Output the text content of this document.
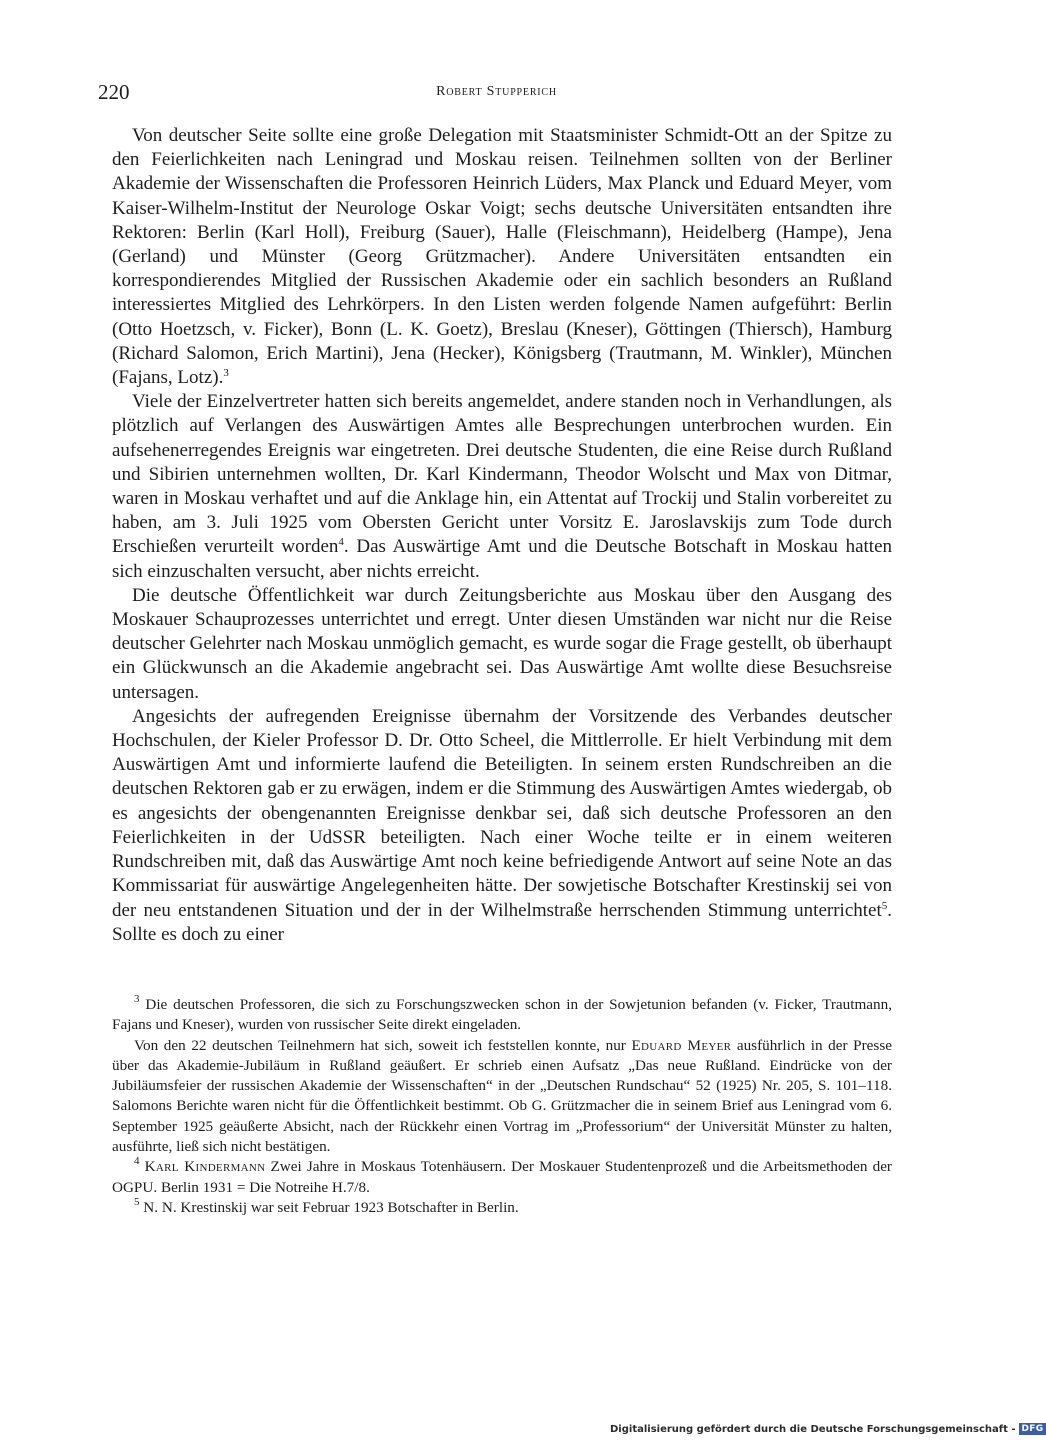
220	Robert Stupperich

Von deutscher Seite sollte eine große Delegation mit Staatsminister Schmidt-Ott an der Spitze zu den Feierlichkeiten nach Leningrad und Moskau reisen. Teilnehmen sollten von der Berliner Akademie der Wissenschaften die Professoren Heinrich Lüders, Max Planck und Eduard Meyer, vom Kaiser-Wilhelm-Institut der Neurologe Oskar Voigt; sechs deutsche Universitäten entsandten ihre Rektoren: Berlin (Karl Holl), Freiburg (Sauer), Halle (Fleischmann), Heidelberg (Hampe), Jena (Gerland) und Münster (Georg Grützmacher). Andere Universitäten entsandten ein korrespondierendes Mitglied der Russischen Akademie oder ein sachlich besonders an Rußland interessiertes Mitglied des Lehrkörpers. In den Listen werden folgende Namen aufgeführt: Berlin (Otto Hoetzsch, v. Ficker), Bonn (L. K. Goetz), Breslau (Kneser), Göttingen (Thiersch), Hamburg (Richard Salomon, Erich Martini), Jena (Hecker), Königsberg (Trautmann, M. Winkler), München (Fajans, Lotz).$^3$

Viele der Einzelvertreter hatten sich bereits angemeldet, andere standen noch in Verhandlungen, als plötzlich auf Verlangen des Auswärtigen Amtes alle Besprechungen unterbrochen wurden. Ein aufsehenerregendes Ereignis war eingetreten. Drei deutsche Studenten, die eine Reise durch Rußland und Sibirien unternehmen wollten, Dr. Karl Kindermann, Theodor Wolscht und Max von Ditmar, waren in Moskau verhaftet und auf die Anklage hin, ein Attentat auf Trockij und Stalin vorbereitet zu haben, am 3. Juli 1925 vom Obersten Gericht unter Vorsitz E. Jaroslavskijs zum Tode durch Erschießen verurteilt worden$^4$. Das Auswärtige Amt und die Deutsche Botschaft in Moskau hatten sich einzuschalten versucht, aber nichts erreicht.

Die deutsche Öffentlichkeit war durch Zeitungsberichte aus Moskau über den Ausgang des Moskauer Schauprozesses unterrichtet und erregt. Unter diesen Umständen war nicht nur die Reise deutscher Gelehrter nach Moskau unmöglich gemacht, es wurde sogar die Frage gestellt, ob überhaupt ein Glückwunsch an die Akademie angebracht sei. Das Auswärtige Amt wollte diese Besuchsreise untersagen.

Angesichts der aufregenden Ereignisse übernahm der Vorsitzende des Verbandes deutscher Hochschulen, der Kieler Professor D. Dr. Otto Scheel, die Mittlerrolle. Er hielt Verbindung mit dem Auswärtigen Amt und informierte laufend die Beteiligten. In seinem ersten Rundschreiben an die deutschen Rektoren gab er zu erwägen, indem er die Stimmung des Auswärtigen Amtes wiedergab, ob es angesichts der obengenannten Ereignisse denkbar sei, daß sich deutsche Professoren an den Feierlichkeiten in der UdSSR beteiligten. Nach einer Woche teilte er in einem weiteren Rundschreiben mit, daß das Auswärtige Amt noch keine befriedigende Antwort auf seine Note an das Kommissariat für auswärtige Angelegenheiten hätte. Der sowjetische Botschafter Krestinskij sei von der neu entstandenen Situation und der in der Wilhelmstraße herrschenden Stimmung unterrichtet$^5$. Sollte es doch zu einer

$^3$ Die deutschen Professoren, die sich zu Forschungszwecken schon in der Sowjetunion befanden (v. Ficker, Trautmann, Fajans und Kneser), wurden von russischer Seite direkt eingeladen.

Von den 22 deutschen Teilnehmern hat sich, soweit ich feststellen konnte, nur Eduard Meyer ausführlich in der Presse über das Akademie-Jubiläum in Rußland geäußert. Er schrieb einen Aufsatz „Das neue Rußland. Eindrücke von der Jubiläumsfeier der russischen Akademie der Wissenschaften“ in der „Deutschen Rundschau“ 52 (1925) Nr. 205, S. 101–118. Salomons Berichte waren nicht für die Öffentlichkeit bestimmt. Ob G. Grützmacher die in seinem Brief aus Leningrad vom 6. September 1925 geäußerte Absicht, nach der Rückkehr einen Vortrag im „Professorium“ der Universität Münster zu halten, ausführte, ließ sich nicht bestätigen.

$^4$ Karl Kindermann Zwei Jahre in Moskaus Totenhäusern. Der Moskauer Studentenprozeß und die Arbeitsmethoden der OGPU. Berlin 1931 = Die Notreihe H.7/8.

$^5$ N. N. Krestinskij war seit Februar 1923 Botschafter in Berlin.

Digitalisierung gefördert durch die Deutsche Forschungsgemeinschaft - DFG
